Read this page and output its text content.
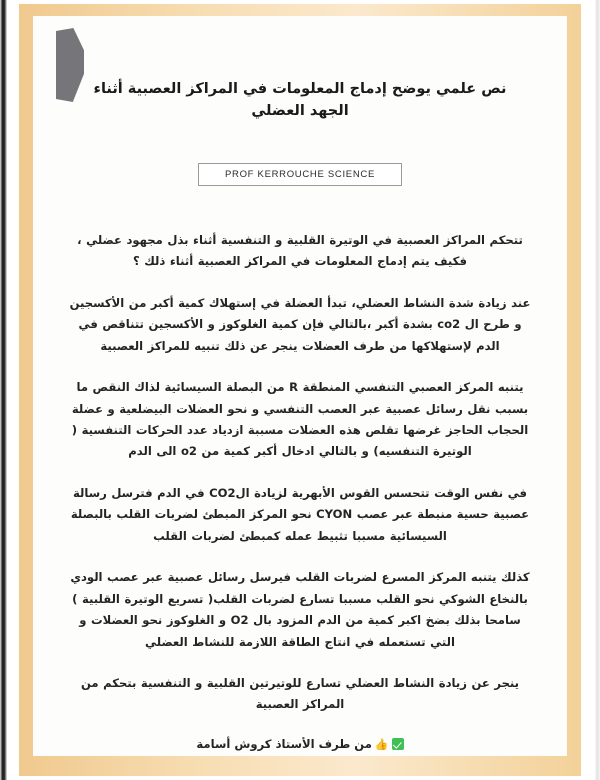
نص علمي يوضح إدماج المعلومات في المراكز العصبية أثناء الجهد العضلي
PROF KERROUCHE SCIENCE

تتحكم المراكز العصبية في الوتيرة القلبية و التنفسية أثناء بذل مجهود عضلي ، فكيف يتم إدماج المعلومات في المراكز العصبية أثناء ذلك ؟

عند زيادة شدة النشاط العضلي، تبدأ العضلة في إستهلاك كمية أكبر من الأكسجين و طرح ال co2 بشدة أكبر ،بالتالي فإن كمية الغلوكوز و الأكسجين تتناقص في الدم لإستهلاكها من طرف العضلات ينجر عن ذلك تنبيه للمراكز العصبية

يتنبه المركز العصبي التنفسي المنطقة R من البصلة السيسائية لذاك النقص ما بسبب نقل رسائل عصبية عبر العصب التنفسي و نحو العضلات البيضلعية و عضلة الحجاب الحاجز غرضها تقلص هذه العضلات مسببة ازدياد عدد الحركات التنفسية ( الوتيرة التنفسيه) و بالتالي ادخال أكبر كمية من o2 الى الدم

في نفس الوقت تتحسس القوس الأبهرية لزيادة الCO2 في الدم فترسل رسالة عصبية حسية منبطة عبر عصب CYON نحو المركز المبطئ لضربات القلب بالبصلة السيسائية مسببا تثبيط عمله كمبطئ لضربات القلب

كذلك يتنبه المركز المسرع لضربات القلب فيرسل رسائل عصبية عبر عصب الودي بالنخاع الشوكي نحو القلب مسببا تسارع لضربات القلب( تسريع الوتيرة القلبية ) سامحا بذلك بضخ اكبر كمية من الدم المزود بال O2 و الغلوكوز نحو العضلات و التي تستعمله في انتاج الطاقة اللازمة للنشاط العضلي

ينجر عن زيادة النشاط العضلي تسارع للوتيرتين القلبية و التنفسية بتحكم من المراكز العصبية

👍
من طرف الأستاذ كروش أسامة
